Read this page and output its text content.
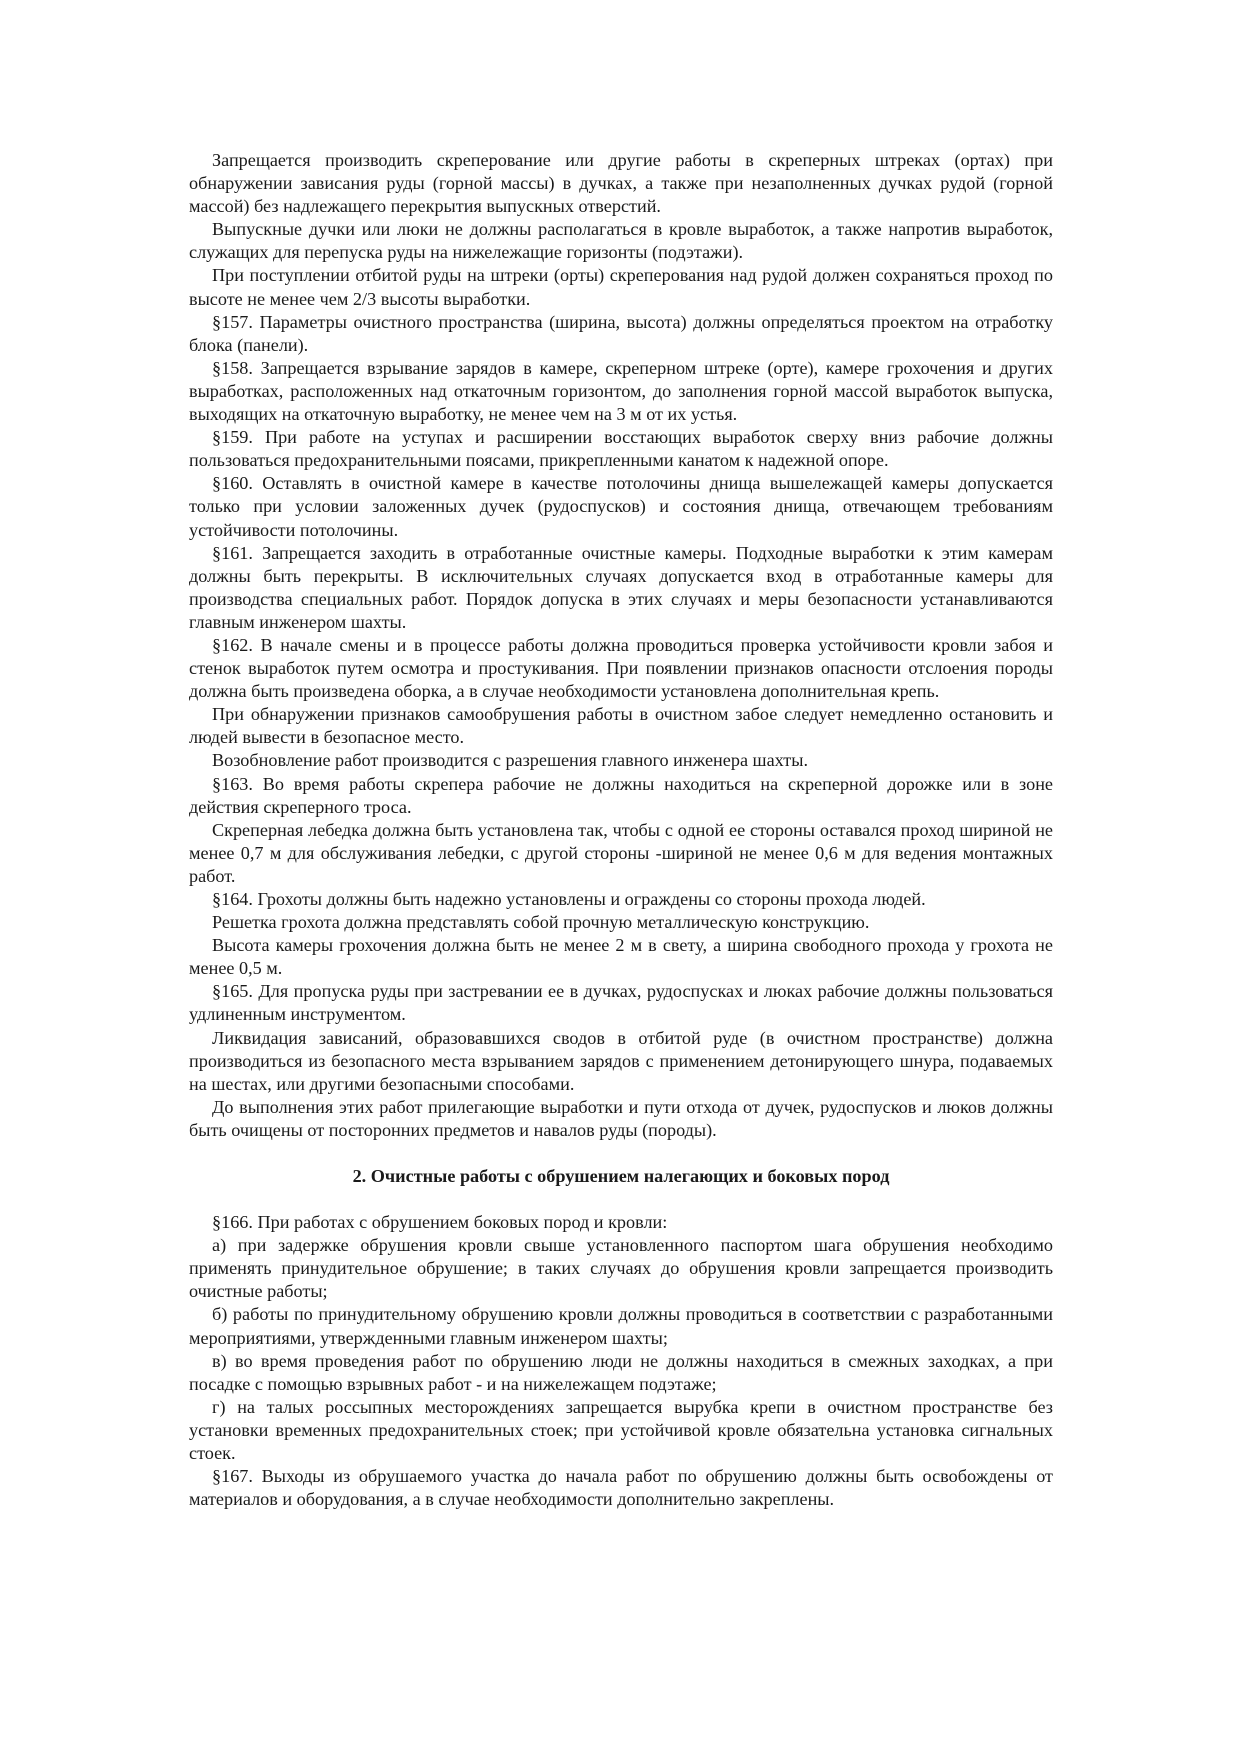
Запрещается производить скреперование или другие работы в скреперных штреках (ортах) при обнаружении зависания руды (горной массы) в дучках, а также при незаполненных дучках рудой (горной массой) без надлежащего перекрытия выпускных отверстий.

Выпускные дучки или люки не должны располагаться в кровле выработок, а также напротив выработок, служащих для перепуска руды на нижележащие горизонты (подэтажи).

При поступлении отбитой руды на штреки (орты) скреперования над рудой должен сохраняться проход по высоте не менее чем 2/3 высоты выработки.

§157. Параметры очистного пространства (ширина, высота) должны определяться проектом на отработку блока (панели).

§158. Запрещается взрывание зарядов в камере, скреперном штреке (орте), камере грохочения и других выработках, расположенных над откаточным горизонтом, до заполнения горной массой выработок выпуска, выходящих на откаточную выработку, не менее чем на 3 м от их устья.

§159. При работе на уступах и расширении восстающих выработок сверху вниз рабочие должны пользоваться предохранительными поясами, прикрепленными канатом к надежной опоре.

§160. Оставлять в очистной камере в качестве потолочины днища вышележащей камеры допускается только при условии заложенных дучек (рудоспусков) и состояния днища, отвечающем требованиям устойчивости потолочины.

§161. Запрещается заходить в отработанные очистные камеры. Подходные выработки к этим камерам должны быть перекрыты. В исключительных случаях допускается вход в отработанные камеры для производства специальных работ. Порядок допуска в этих случаях и меры безопасности устанавливаются главным инженером шахты.

§162. В начале смены и в процессе работы должна проводиться проверка устойчивости кровли забоя и стенок выработок путем осмотра и простукивания. При появлении признаков опасности отслоения породы должна быть произведена оборка, а в случае необходимости установлена дополнительная крепь.

При обнаружении признаков самообрушения работы в очистном забое следует немедленно остановить и людей вывести в безопасное место.

Возобновление работ производится с разрешения главного инженера шахты.

§163. Во время работы скрепера рабочие не должны находиться на скреперной дорожке или в зоне действия скреперного троса.

Скреперная лебедка должна быть установлена так, чтобы с одной ее стороны оставался проход шириной не менее 0,7 м для обслуживания лебедки, с другой стороны -шириной не менее 0,6 м для ведения монтажных работ.

§164. Грохоты должны быть надежно установлены и ограждены со стороны прохода людей.

Решетка грохота должна представлять собой прочную металлическую конструкцию.

Высота камеры грохочения должна быть не менее 2 м в свету, а ширина свободного прохода у грохота не менее 0,5 м.

§165. Для пропуска руды при застревании ее в дучках, рудоспусках и люках рабочие должны пользоваться удлиненным инструментом.

Ликвидация зависаний, образовавшихся сводов в отбитой руде (в очистном пространстве) должна производиться из безопасного места взрыванием зарядов с применением детонирующего шнура, подаваемых на шестах, или другими безопасными способами.

До выполнения этих работ прилегающие выработки и пути отхода от дучек, рудоспусков и люков должны быть очищены от посторонних предметов и навалов руды (породы).

2. Очистные работы с обрушением налегающих и боковых пород

§166. При работах с обрушением боковых пород и кровли:

а) при задержке обрушения кровли свыше установленного паспортом шага обрушения необходимо применять принудительное обрушение; в таких случаях до обрушения кровли запрещается производить очистные работы;

б) работы по принудительному обрушению кровли должны проводиться в соответствии с разработанными мероприятиями, утвержденными главным инженером шахты;

в) во время проведения работ по обрушению люди не должны находиться в смежных заходках, а при посадке с помощью взрывных работ - и на нижележащем подэтаже;

г) на талых россыпных месторождениях запрещается вырубка крепи в очистном пространстве без установки временных предохранительных стоек; при устойчивой кровле обязательна установка сигнальных стоек.

§167. Выходы из обрушаемого участка до начала работ по обрушению должны быть освобождены от материалов и оборудования, а в случае необходимости дополнительно закреплены.
